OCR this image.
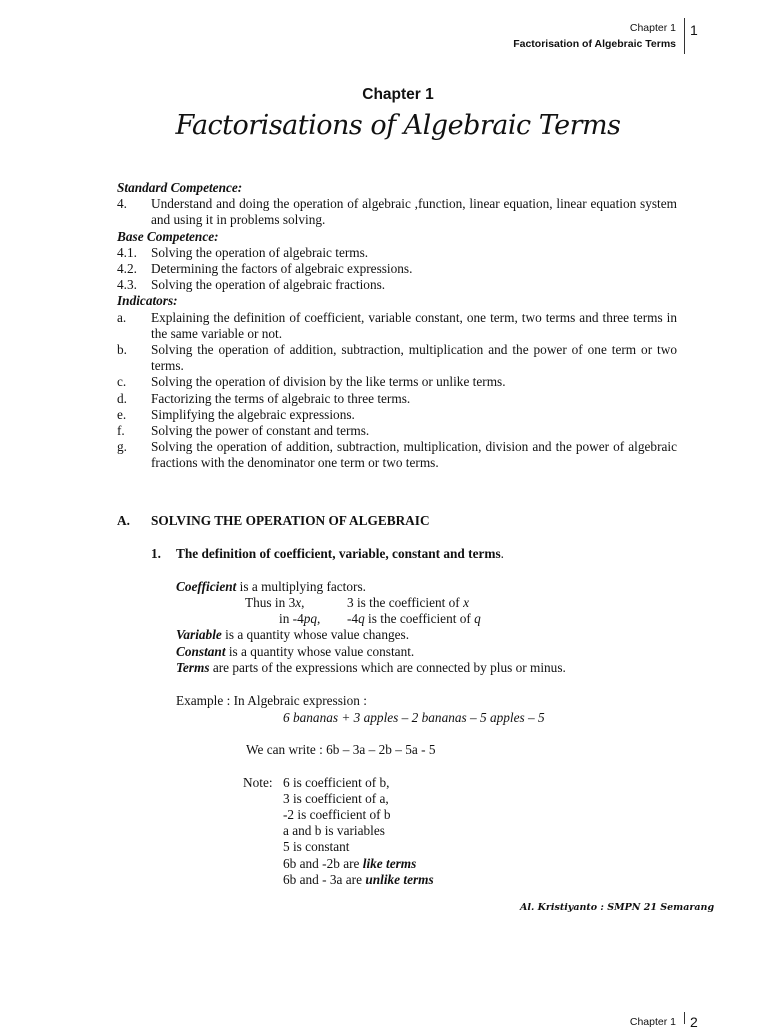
Chapter 1
Factorisation of Algebraic Terms
1
Chapter 1
Factorisations of Algebraic Terms
Standard Competence:
4.	Understand and doing the operation of algebraic ,function, linear equation, linear equation system and using it in problems solving.
Base Competence:
4.1.	Solving the operation of algebraic terms.
4.2.	Determining the factors of algebraic expressions.
4.3.	Solving the operation of algebraic fractions.
Indicators:
a.	Explaining the definition of coefficient, variable constant, one term, two terms and three terms in the same variable or not.
b.	Solving the operation of addition, subtraction, multiplication and the power of one term or two terms.
c.	Solving the operation of division by the like terms or unlike terms.
d.	Factorizing the terms of algebraic to three terms.
e.	Simplifying the algebraic expressions.
f.	Solving the power of constant and terms.
g.	Solving the operation of addition, subtraction, multiplication, division and the power of algebraic fractions with the denominator one term or two terms.
A. SOLVING THE OPERATION OF ALGEBRAIC
1. The definition of coefficient, variable, constant and terms.
Coefficient is a multiplying factors.
Thus in 3x,	3 is the coefficient of x
in -4pq, -4q is the coefficient of q
Variable is a quantity whose value changes.
Constant is a quantity whose value constant.
Terms are parts of the expressions which are connected by plus or minus.
Example : In Algebraic expression :
6 bananas + 3 apples – 2 bananas – 5 apples – 5
We can write : 6b – 3a – 2b – 5a - 5
Note: 6 is coefficient of b,
3 is coefficient of a,
-2 is coefficient of b
a and b is variables
5 is constant
6b and -2b are like terms
6b and - 3a are unlike terms
Al. Kristiyanto : SMPN 21 Semarang
Chapter 1 2
